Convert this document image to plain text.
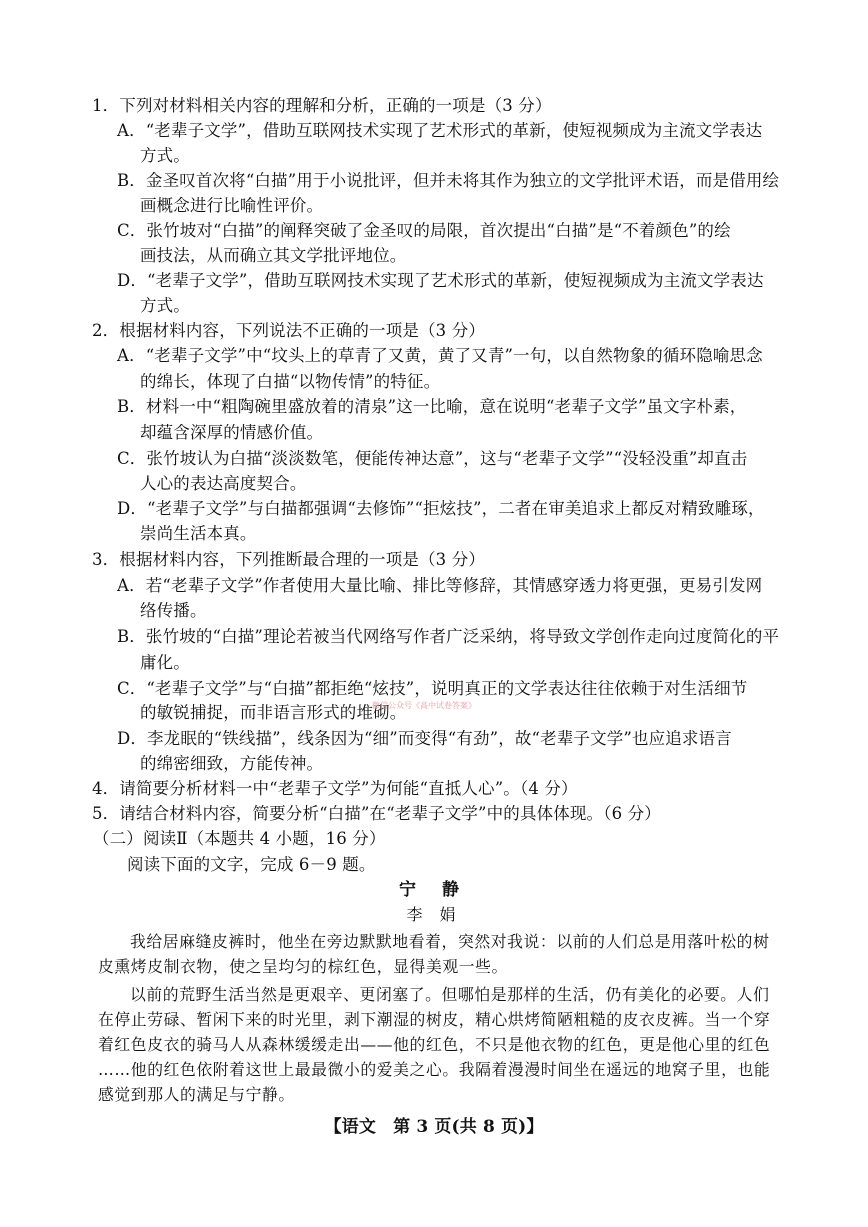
1．下列对材料相关内容的理解和分析，正确的一项是（3 分）
A．“老辈子文学”，借助互联网技术实现了艺术形式的革新，使短视频成为主流文学表达
方式。
B．金圣叹首次将“白描”用于小说批评，但并未将其作为独立的文学批评术语，而是借用绘
画概念进行比喻性评价。
C．张竹坡对“白描”的阐释突破了金圣叹的局限，首次提出“白描”是“不着颜色”的绘
画技法，从而确立其文学批评地位。
D．“老辈子文学”，借助互联网技术实现了艺术形式的革新，使短视频成为主流文学表达
方式。
2．根据材料内容，下列说法不正确的一项是（3 分）
A．“老辈子文学”中“坟头上的草青了又黄，黄了又青”一句，以自然物象的循环隐喻思念
的绵长，体现了白描“以物传情”的特征。
B．材料一中“粗陶碗里盛放着的清泉”这一比喻，意在说明“老辈子文学”虽文字朴素，
却蕴含深厚的情感价值。
C．张竹坡认为白描“淡淡数笔，便能传神达意”，这与“老辈子文学”“没轻没重”却直击
人心的表达高度契合。
D．“老辈子文学”与白描都强调“去修饰”“拒炫技”，二者在审美追求上都反对精致雕琢，
崇尚生活本真。
3．根据材料内容，下列推断最合理的一项是（3 分）
A．若“老辈子文学”作者使用大量比喻、排比等修辞，其情感穿透力将更强，更易引发网
络传播。
B．张竹坡的“白描”理论若被当代网络写作者广泛采纳，将导致文学创作走向过度简化的平
庸化。
C．“老辈子文学”与“白描”都拒绝“炫技”，说明真正的文学表达往往依赖于对生活细节
的敏锐捕捉，而非语言形式的堆砌。
D．李龙眠的“铁线描”，线条因为“细”而变得“有劲”，故“老辈子文学”也应追求语言
的绵密细致，方能传神。
微信公众号《高中试卷答案》
4．请简要分析材料一中“老辈子文学”为何能“直抵人心”。（4 分）
5．请结合材料内容，简要分析“白描”在“老辈子文学”中的具体体现。（6 分）
（二）阅读Ⅱ（本题共 4 小题，16 分）
阅读下面的文字，完成 6－9 题。
宁 静
李 娟
我给居麻缝皮裤时，他坐在旁边默默地看着，突然对我说：以前的人们总是用落叶松的树
皮熏烤皮制衣物，使之呈均匀的棕红色，显得美观一些。
以前的荒野生活当然是更艰辛、更闭塞了。但哪怕是那样的生活，仍有美化的必要。人们
在停止劳碌、暂闲下来的时光里，剥下潮湿的树皮，精心烘烤简陋粗糙的皮衣皮裤。当一个穿
着红色皮衣的骑马人从森林缓缓走出——他的红色，不只是他衣物的红色，更是他心里的红色
……他的红色依附着这世上最最微小的爱美之心。我隔着漫漫时间坐在遥远的地窝子里，也能
感觉到那人的满足与宁静。
【语文　第 3 页(共 8 页)】
